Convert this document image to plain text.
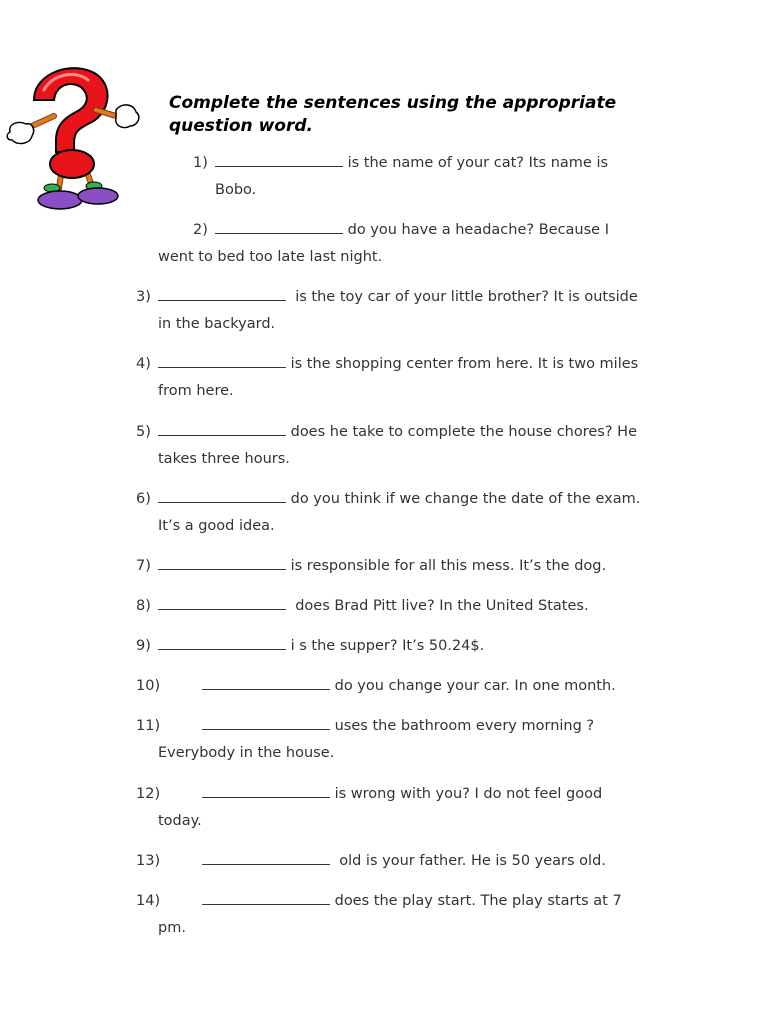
Complete the sentences using the appropriate question word.
1)	is the name of your cat? Its name is
Bobo.
2)	do you have a headache? Because I
went to bed too late last night.
3)	is the toy car of your little brother? It is outside
in the backyard.
4)	is the shopping center from here. It is two miles
from here.
5)	does he take to complete the house chores? He
takes three hours.
6)	do you think if we change the date of the exam.
It’s a good idea.
7)	is responsible for all this mess. It’s the dog.
8)	does Brad Pitt live? In the United States.
9)	i s the supper? It’s 50.24$.
10)	do you change your car. In one month.
11)	uses the bathroom every morning ?
Everybody in the house.
12)	is wrong with you? I do not feel good
today.
13)	old is your father. He is 50 years old.
14)	does the play start. The play starts at 7
pm.
